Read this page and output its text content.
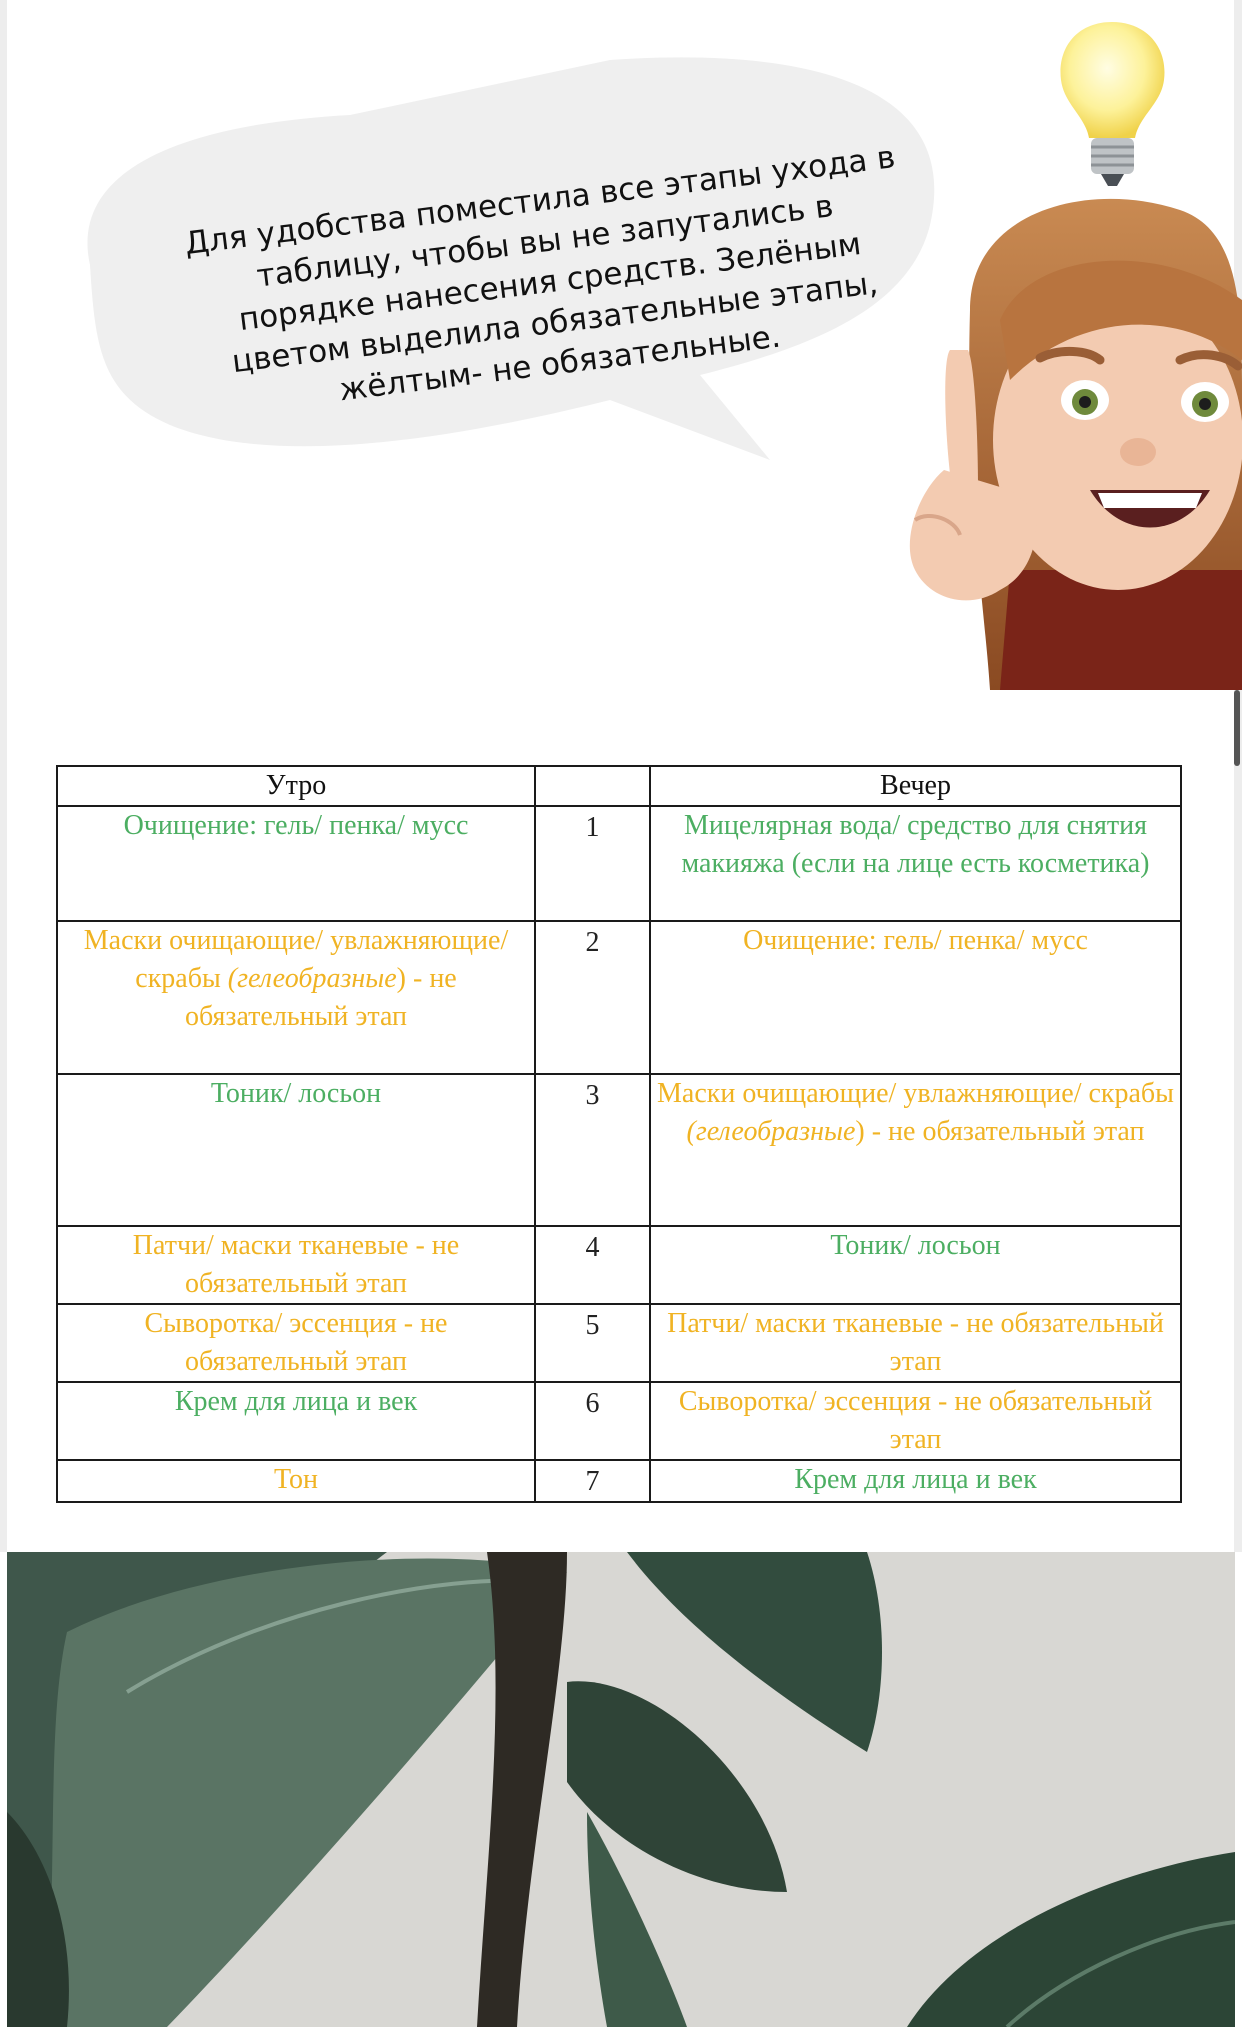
Для удобства поместила все этапы ухода в таблицу, чтобы вы не запутались в порядке нанесения средств. Зелёным цветом выделила обязательные этапы, жёлтым- не обязательные.
Утро		Вечер
Очищение: гель/ пенка/ мусс	1	Мицелярная вода/ средство для снятия макияжа (если на лице есть косметика)
Маски очищающие/ увлажняющие/ скрабы (гелеобразные) - не обязательный этап	2	Очищение: гель/ пенка/ мусс
Тоник/ лосьон	3	Маски очищающие/ увлажняющие/ скрабы (гелеобразные) - не обязательный этап
Патчи/ маски тканевые - не обязательный этап	4	Тоник/ лосьон
Сыворотка/ эссенция - не обязательный этап	5	Патчи/ маски тканевые - не обязательный этап
Крем для лица и век	6	Сыворотка/ эссенция - не обязательный этап
Тон	7	Крем для лица и век
